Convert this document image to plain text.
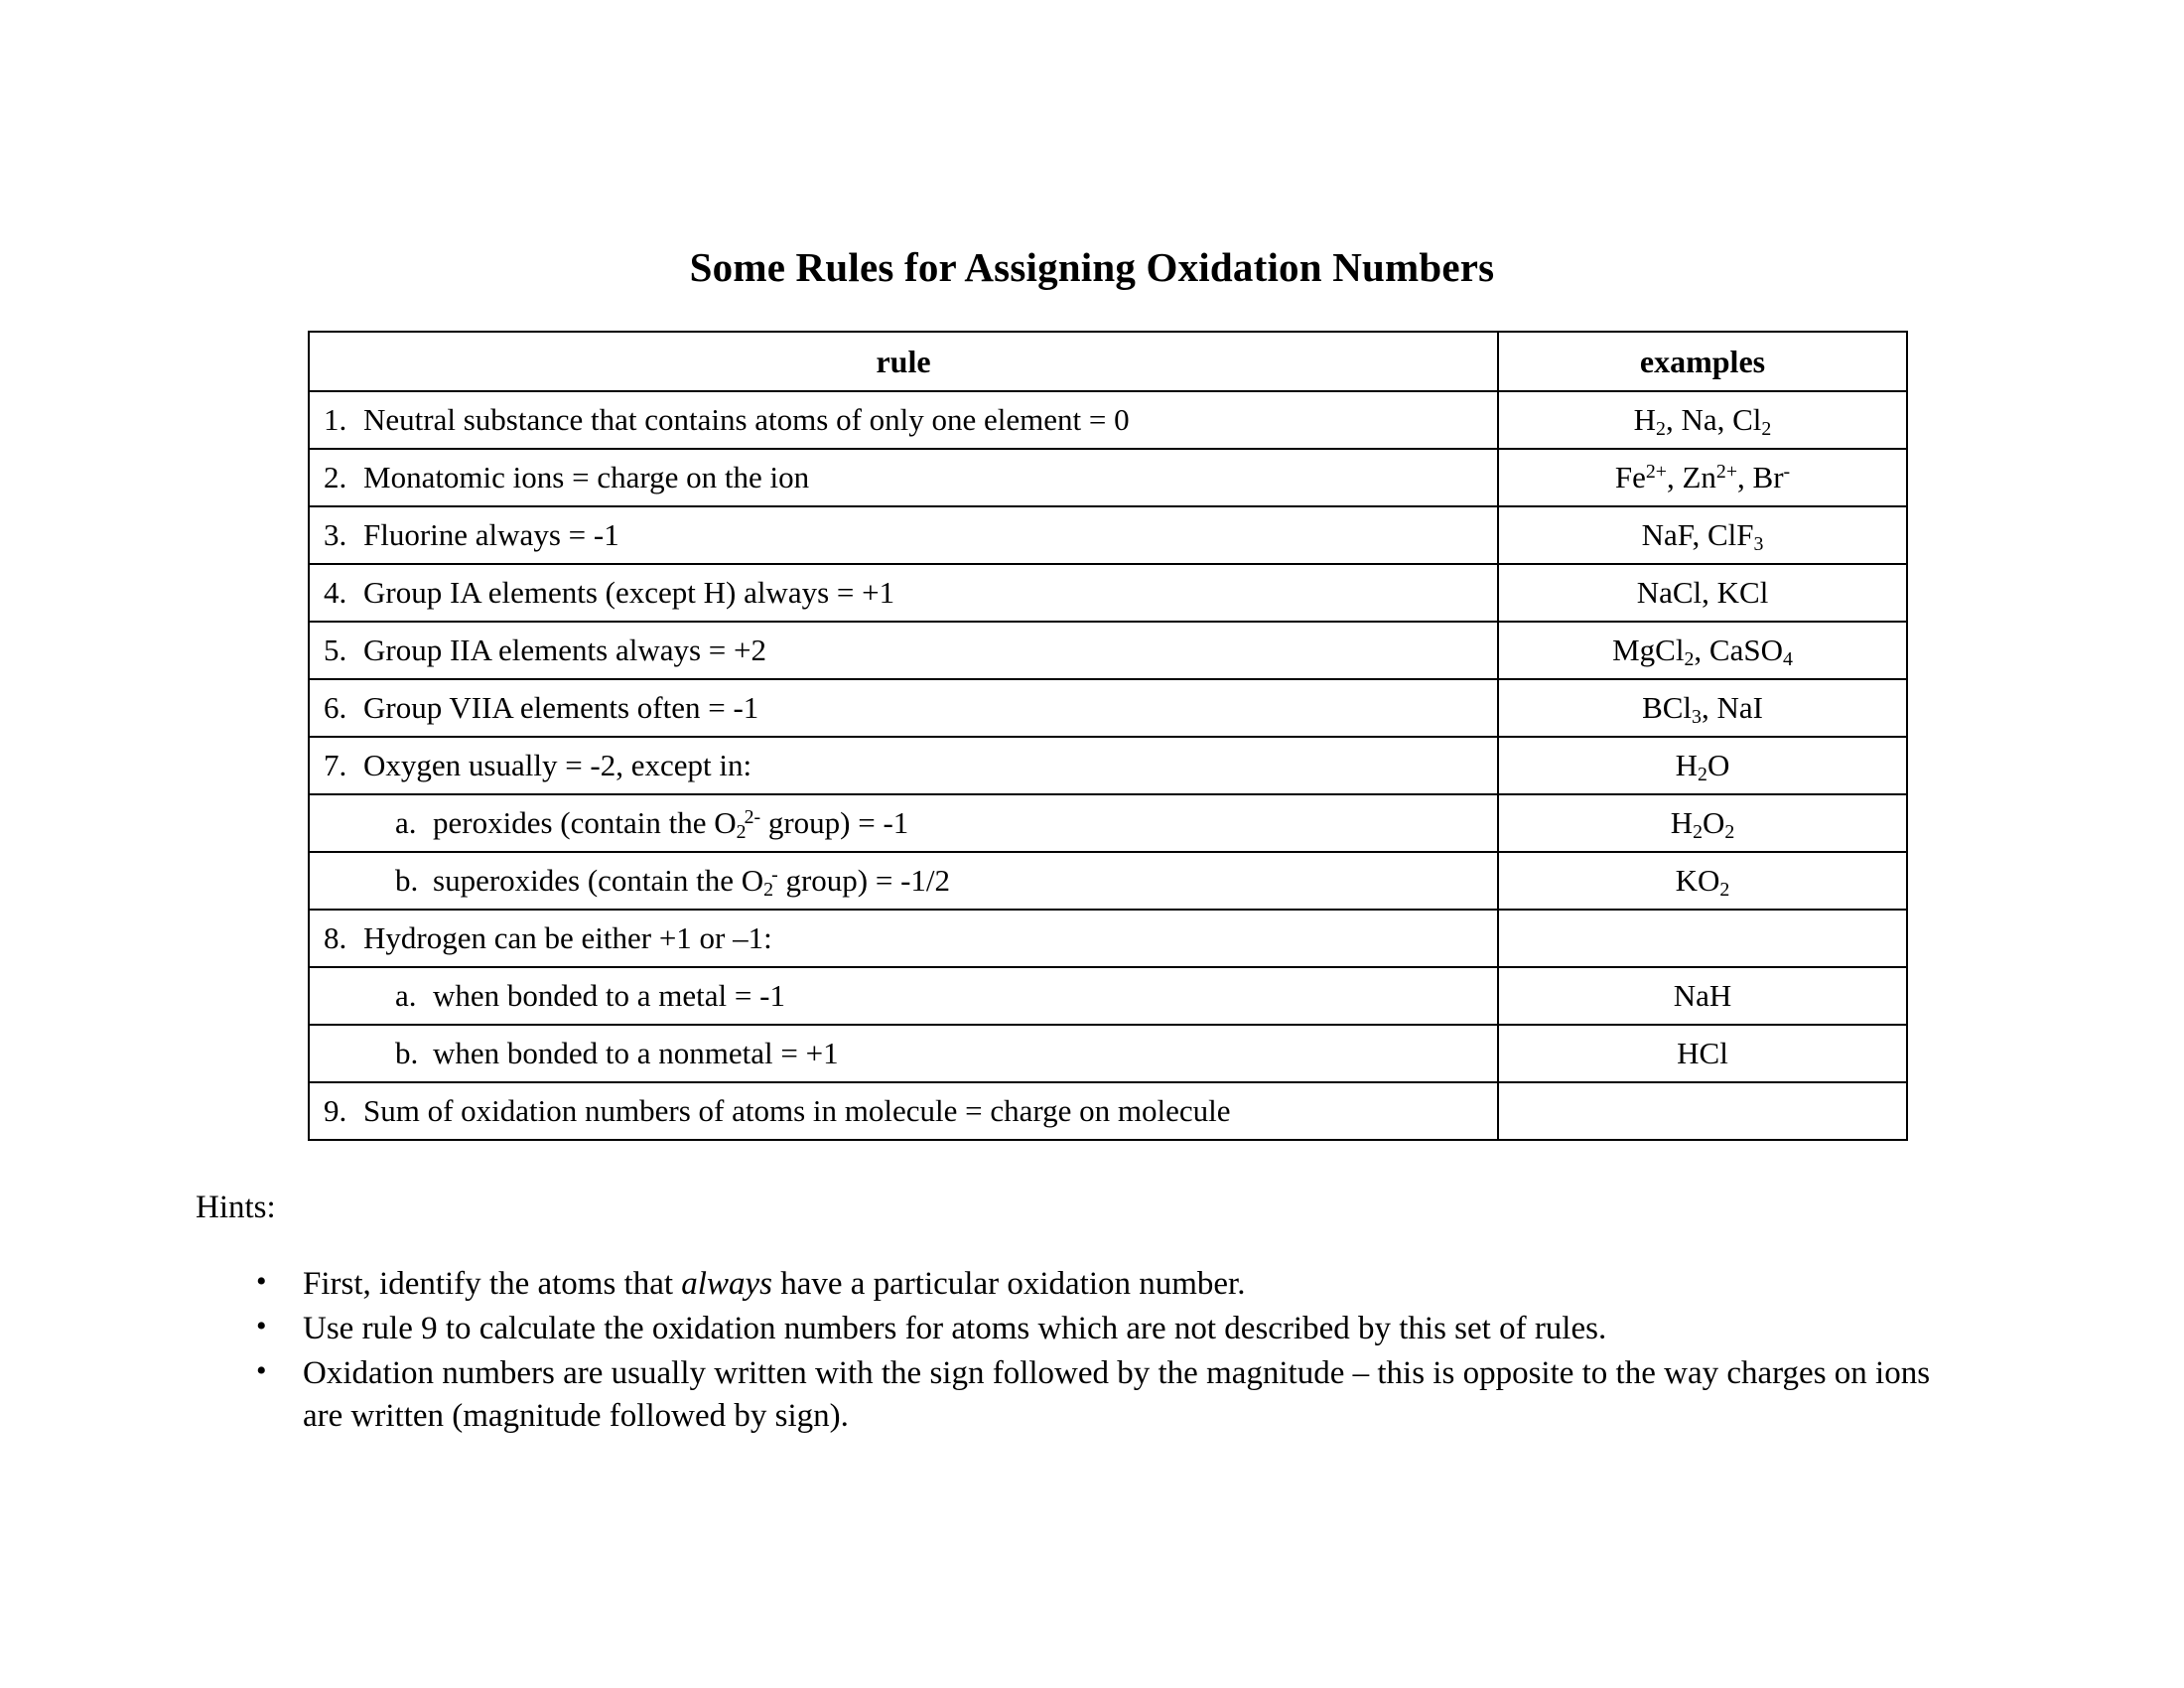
Some Rules for Assigning Oxidation Numbers
rule	examples

1. Neutral substance that contains atoms of only one element = 0	$H_2$, Na, $Cl_2$

2. Monatomic ions = charge on the ion	$Fe^{2+}$, $Zn^{2+}$, Br-

3. Fluorine always = -1	NaF, ClF$_3$

4. Group IA elements (except H) always = +1	NaCl, KCl

5. Group IIA elements always = +2	MgCl$_2$, CaSO$_4$

6. Group VIIA elements often = -1	BCl$_3$, NaI

7. Oxygen usually = -2, except in:	$H_2O$

a. peroxides (contain the $O_2^{2-}$ group) = -1	$H_2O_2$

b. superoxides (contain the $O_2^-$ group) = -1/2	$KO_2$

8. Hydrogen can be either +1 or –1:	

a. when bonded to a metal = -1	NaH

b. when bonded to a nonmetal = +1	HCl

9. Sum of oxidation numbers of atoms in molecule = charge on molecule	

Hints:
• First, identify the atoms that always have a particular oxidation number.
• Use rule 9 to calculate the oxidation numbers for atoms which are not described by this set of rules.
• Oxidation numbers are usually written with the sign followed by the magnitude – this is opposite to the way charges on ions are written (magnitude followed by sign).
